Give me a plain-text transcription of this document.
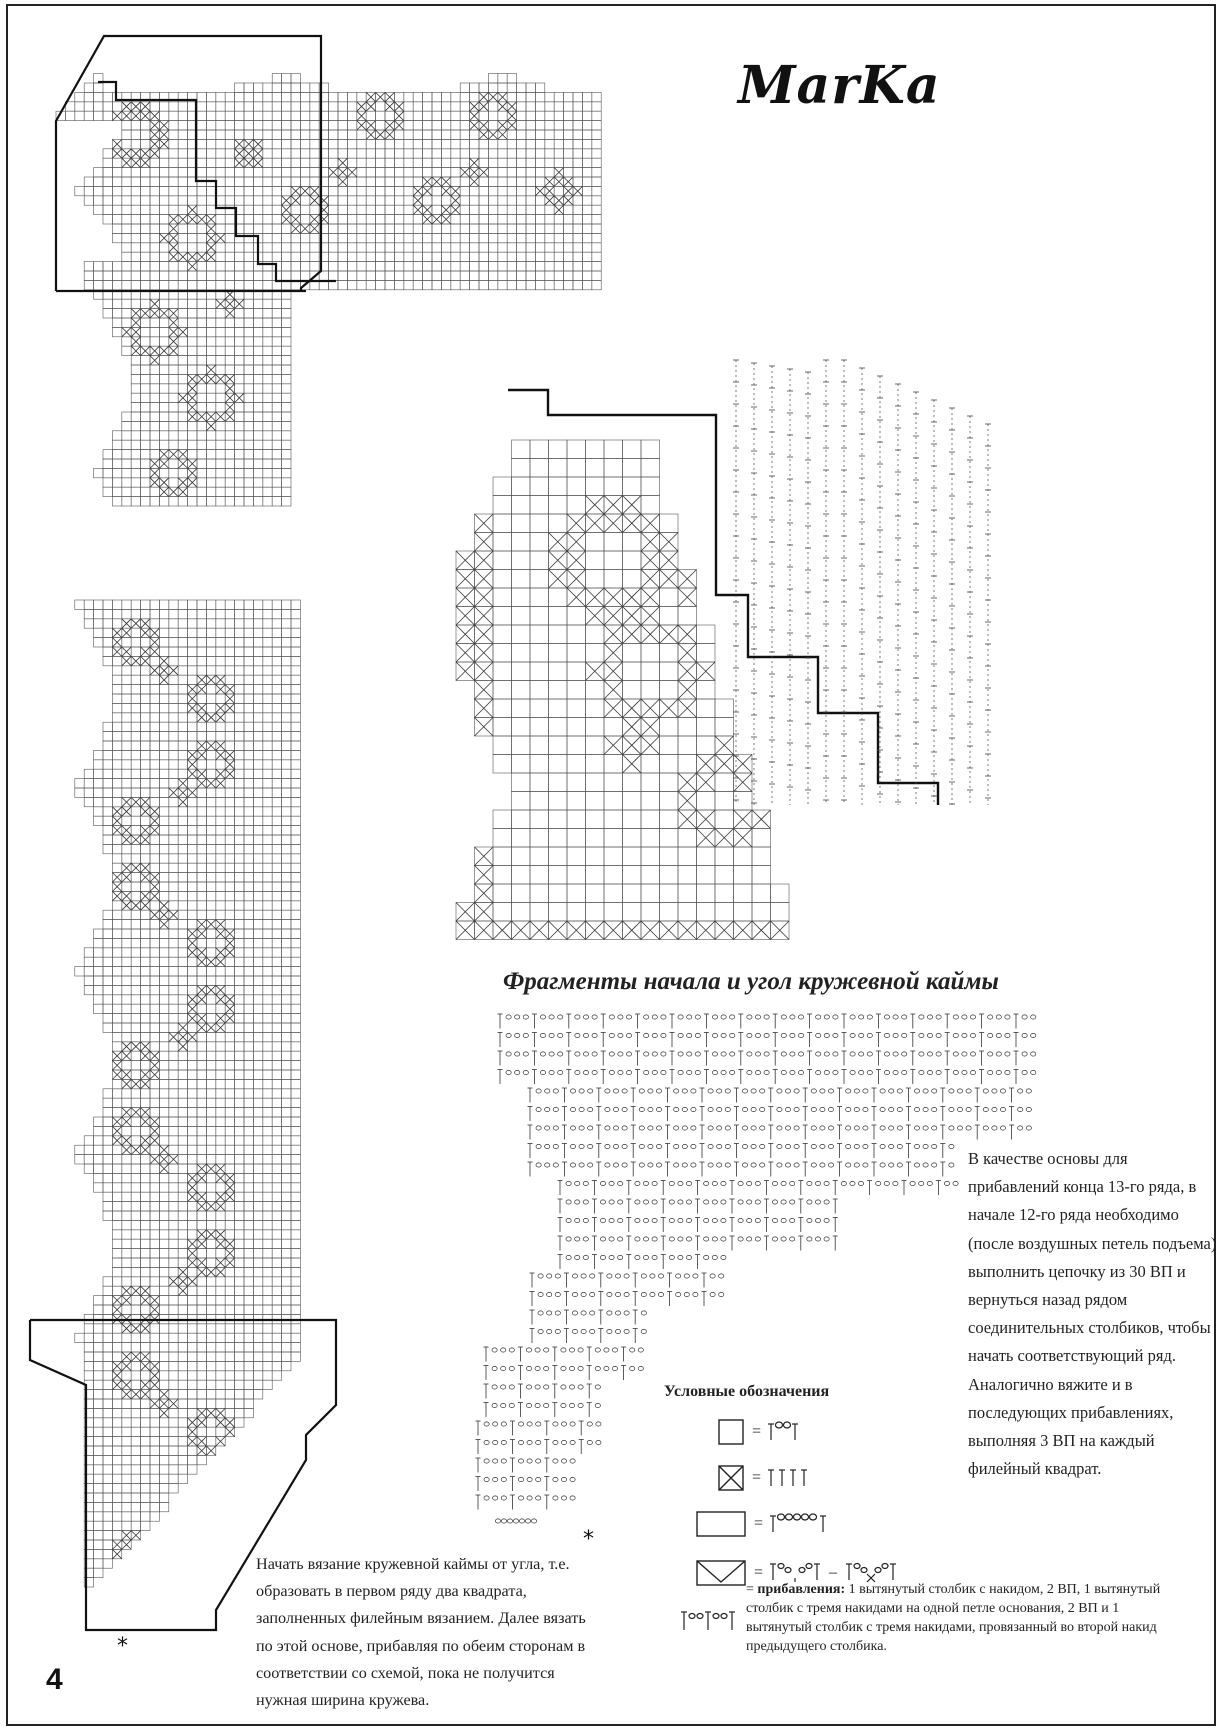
MarKa
Фрагменты начала и угол кружевной каймы
*
*
В качестве основы для прибавлений конца 13-го ряда, в начале 12-го ряда необходимо (после воздушных петель подъема) выполнить цепочку из 30 ВП и вернуться назад рядом соединительных столбиков, чтобы начать соответствующий ряд. Аналогично вяжите и в последующих прибавлениях, выполняя 3 ВП на каждый филейный квадрат.
Условные обозначения
=
=
=
=	–
= прибавления: 1 вытянутый столбик с накидом, 2 ВП, 1 вытянутый столбик с тремя накидами на одной петле основания, 2 ВП и 1 вытянутый столбик с тремя накидами, провязанный во второй накид предыдущего столбика.
Начать вязание кружевной каймы от угла, т.е. образовать в первом ряду два квадрата, заполненных филейным вязанием. Далее вязать по этой основе, прибавляя по обеим сторонам в соответствии со схемой, пока не получится нужная ширина кружева.
4
